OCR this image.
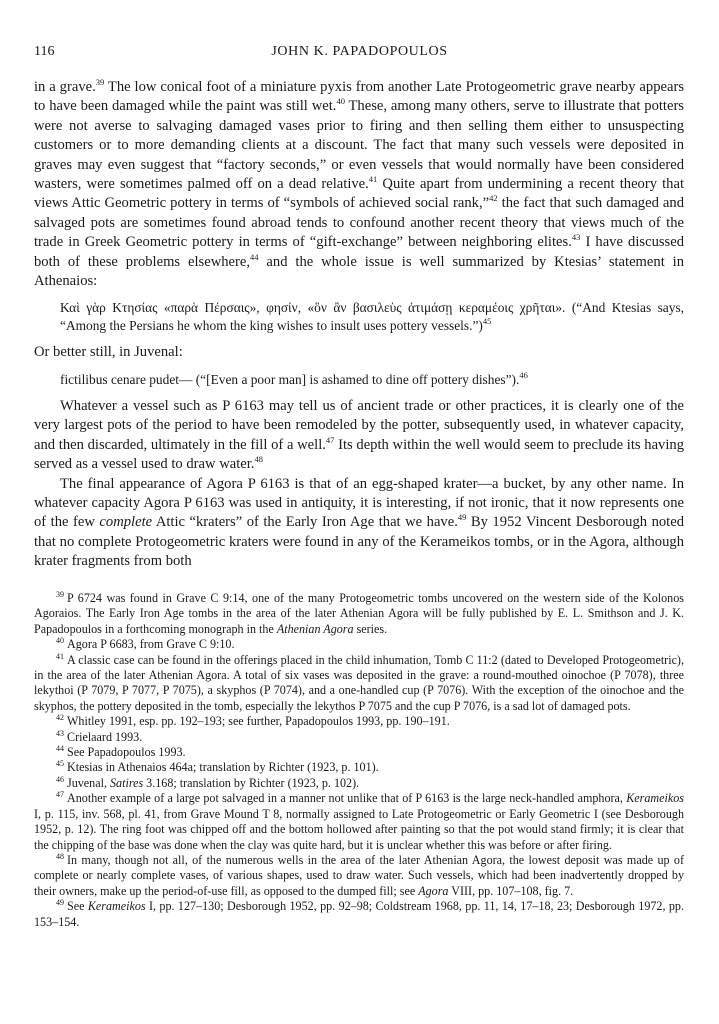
116	JOHN K. PAPADOPOULOS

in a grave.$^{39}$ The low conical foot of a miniature pyxis from another Late Protogeometric grave nearby appears to have been damaged while the paint was still wet.$^{40}$ These, among many others, serve to illustrate that potters were not averse to salvaging damaged vases prior to firing and then selling them either to unsuspecting customers or to more demanding clients at a discount. The fact that many such vessels were deposited in graves may even suggest that “factory seconds,” or even vessels that would normally have been considered wasters, were sometimes palmed off on a dead relative.$^{41}$ Quite apart from undermining a recent theory that views Attic Geometric pottery in terms of “symbols of achieved social rank,”$^{42}$ the fact that such damaged and salvaged pots are sometimes found abroad tends to confound another recent theory that views much of the trade in Greek Geometric pottery in terms of “gift-exchange” between neighboring elites.$^{43}$ I have discussed both of these problems elsewhere,$^{44}$ and the whole issue is well summarized by Ktesias’ statement in Athenaios:

Καὶ γὰρ Κτησίας «παρὰ Πέρσαις», φησίν, «ὃν ἂν βασιλεὺς ἀτιμάσῃ κεραμέοις χρῆται». (“And Ktesias says, “Among the Persians he whom the king wishes to insult uses pottery vessels.”)$^{45}$

Or better still, in Juvenal:

fictilibus cenare pudet— (“[Even a poor man] is ashamed to dine off pottery dishes”).$^{46}$

Whatever a vessel such as P 6163 may tell us of ancient trade or other practices, it is clearly one of the very largest pots of the period to have been remodeled by the potter, subsequently used, in whatever capacity, and then discarded, ultimately in the fill of a well.$^{47}$ Its depth within the well would seem to preclude its having served as a vessel used to draw water.$^{48}$

The final appearance of Agora P 6163 is that of an egg-shaped krater—a bucket, by any other name. In whatever capacity Agora P 6163 was used in antiquity, it is interesting, if not ironic, that it now represents one of the few complete Attic “kraters” of the Early Iron Age that we have.$^{49}$ By 1952 Vincent Desborough noted that no complete Protogeometric kraters were found in any of the Kerameikos tombs, or in the Agora, although krater fragments from both

$^{39}$ P 6724 was found in Grave C 9:14, one of the many Protogeometric tombs uncovered on the western side of the Kolonos Agoraios. The Early Iron Age tombs in the area of the later Athenian Agora will be fully published by E. L. Smithson and J. K. Papadopoulos in a forthcoming monograph in the Athenian Agora series.

$^{40}$ Agora P 6683, from Grave C 9:10.

$^{41}$ A classic case can be found in the offerings placed in the child inhumation, Tomb C 11:2 (dated to Developed Protogeometric), in the area of the later Athenian Agora. A total of six vases was deposited in the grave: a round-mouthed oinochoe (P 7078), three lekythoi (P 7079, P 7077, P 7075), a skyphos (P 7074), and a one-handled cup (P 7076). With the exception of the oinochoe and the skyphos, the pottery deposited in the tomb, especially the lekythos P 7075 and the cup P 7076, is a sad lot of damaged pots.

$^{42}$ Whitley 1991, esp. pp. 192–193; see further, Papadopoulos 1993, pp. 190–191.

$^{43}$ Crielaard 1993.

$^{44}$ See Papadopoulos 1993.

$^{45}$ Ktesias in Athenaios 464a; translation by Richter (1923, p. 101).

$^{46}$ Juvenal, Satires 3.168; translation by Richter (1923, p. 102).

$^{47}$ Another example of a large pot salvaged in a manner not unlike that of P 6163 is the large neck-handled amphora, Kerameikos I, p. 115, inv. 568, pl. 41, from Grave Mound T 8, normally assigned to Late Protogeometric or Early Geometric I (see Desborough 1952, p. 12). The ring foot was chipped off and the bottom hollowed after painting so that the pot would stand firmly; it is clear that the chipping of the base was done when the clay was quite hard, but it is unclear whether this was before or after firing.

$^{48}$ In many, though not all, of the numerous wells in the area of the later Athenian Agora, the lowest deposit was made up of complete or nearly complete vases, of various shapes, used to draw water. Such vessels, which had been inadvertently dropped by their owners, make up the period-of-use fill, as opposed to the dumped fill; see Agora VIII, pp. 107–108, fig. 7.

$^{49}$ See Kerameikos I, pp. 127–130; Desborough 1952, pp. 92–98; Coldstream 1968, pp. 11, 14, 17–18, 23; Desborough 1972, pp. 153–154.
